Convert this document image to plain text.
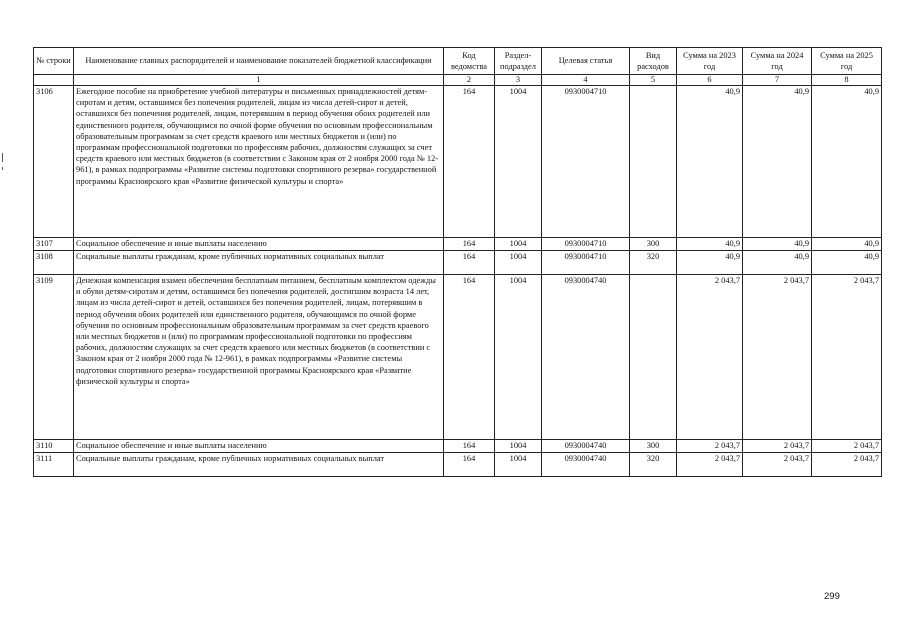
№ строки	Наименование главных распорядителей и наименование показателей бюджетной классификации	Код ведомства	Раздел-подраздел	Целевая статья	Вид расходов	Сумма на 2023 год	Сумма на 2024 год	Сумма на 2025 год
	1	2	3	4	5	6	7	8
3106	Ежегодное пособие на приобретение учебной литературы и письменных принадлежностей детям-сиротам и детям, оставшимся без попечения родителей, лицам из числа детей-сирот и детей, оставшихся без попечения родителей, лицам, потерявшим в период обучения обоих родителей или единственного родителя, обучающимся по очной форме обучения по основным профессиональным образовательным программам за счет средств краевого или местных бюджетов и (или) по программам профессиональной подготовки по профессиям рабочих, должностям служащих за счет средств краевого или местных бюджетов (в соответствии с Законом края от 2 ноября 2000 года № 12-961), в рамках подпрограммы «Развитие системы подготовки спортивного резерва» государственной программы Красноярского края «Развитие физической культуры и спорта»	164	1004	0930004710		40,9	40,9	40,9
3107	Социальное обеспечение и иные выплаты населению	164	1004	0930004710	300	40,9	40,9	40,9
3108	Социальные выплаты гражданам, кроме публичных нормативных социальных выплат	164	1004	0930004710	320	40,9	40,9	40,9
3109	Денежная компенсация взамен обеспечения бесплатным питанием, бесплатным комплектом одежды и обуви детям-сиротам и детям, оставшимся без попечения родителей, достигшим возраста 14 лет, лицам из числа детей-сирот и детей, оставшихся без попечения родителей, лицам, потерявшим в период обучения обоих родителей или единственного родителя, обучающимся по очной форме обучения по основным профессиональным образовательным программам за счет средств краевого или местных бюджетов и (или) по программам профессиональной подготовки по профессиям рабочих, должностям служащих за счет средств краевого или местных бюджетов (в соответствии с Законом края от 2 ноября 2000 года № 12-961), в рамках подпрограммы «Развитие системы подготовки спортивного резерва» государственной программы Красноярского края «Развитие физической культуры и спорта»	164	1004	0930004740		2 043,7	2 043,7	2 043,7
3110	Социальное обеспечение и иные выплаты населению	164	1004	0930004740	300	2 043,7	2 043,7	2 043,7
3111	Социальные выплаты гражданам, кроме публичных нормативных социальных выплат	164	1004	0930004740	320	2 043,7	2 043,7	2 043,7
299
